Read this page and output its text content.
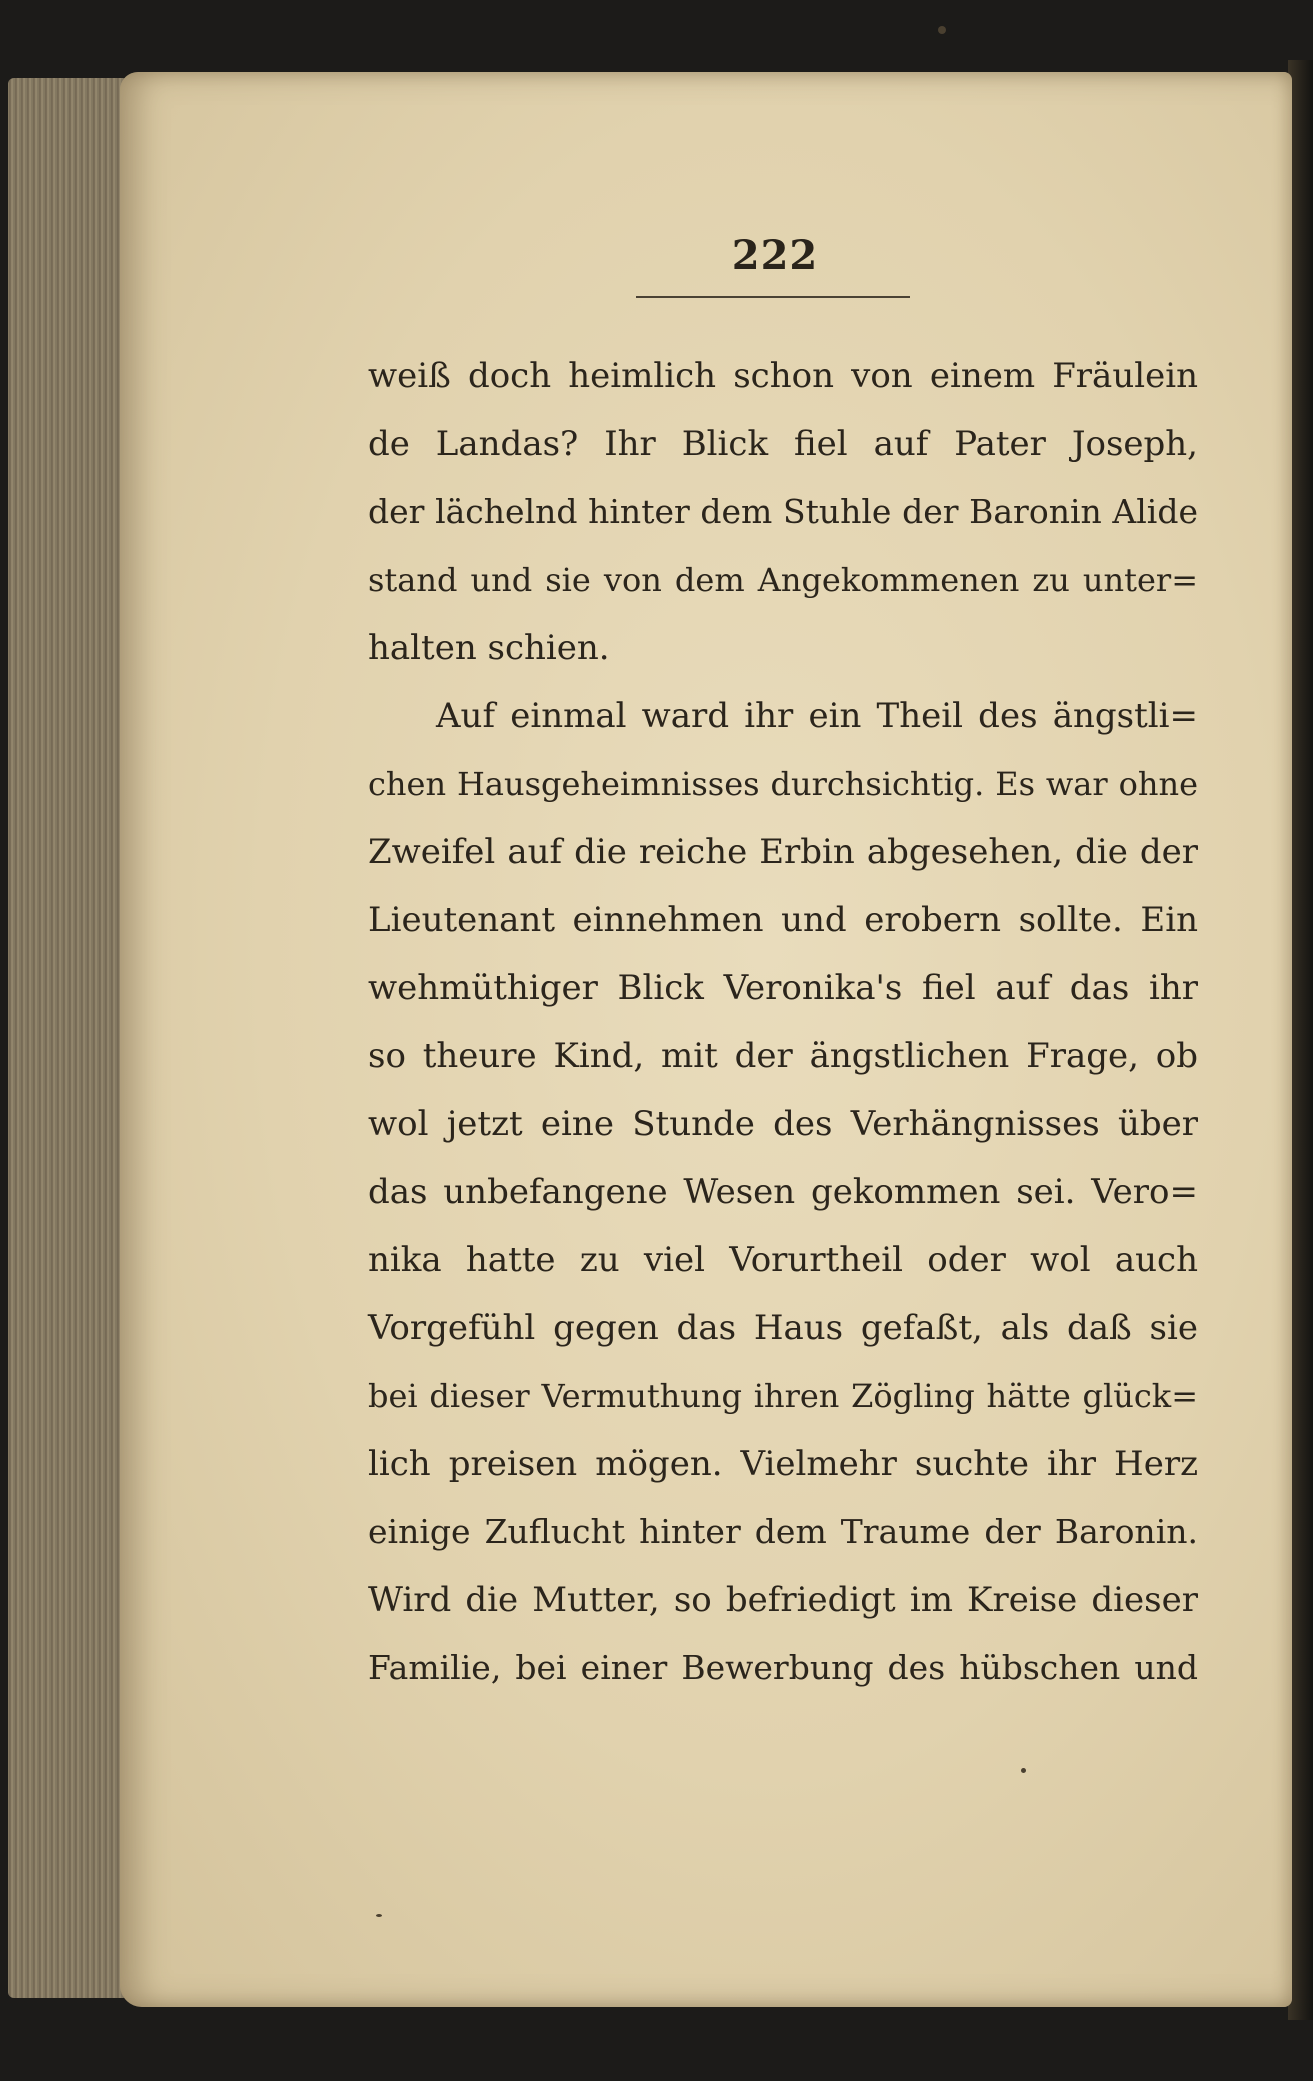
222
weiß doch heimlich schon von einem Fräulein
de Landas? Ihr Blick fiel auf Pater Joseph,
der lächelnd hinter dem Stuhle der Baronin Alide
stand und sie von dem Angekommenen zu unter=
halten schien.
Auf einmal ward ihr ein Theil des ängstli=
chen Hausgeheimnisses durchsichtig. Es war ohne
Zweifel auf die reiche Erbin abgesehen, die der
Lieutenant einnehmen und erobern sollte. Ein
wehmüthiger Blick Veronika's fiel auf das ihr
so theure Kind, mit der ängstlichen Frage, ob
wol jetzt eine Stunde des Verhängnisses über
das unbefangene Wesen gekommen sei. Vero=
nika hatte zu viel Vorurtheil oder wol auch
Vorgefühl gegen das Haus gefaßt, als daß sie
bei dieser Vermuthung ihren Zögling hätte glück=
lich preisen mögen. Vielmehr suchte ihr Herz
einige Zuflucht hinter dem Traume der Baronin.
Wird die Mutter, so befriedigt im Kreise dieser
Familie, bei einer Bewerbung des hübschen und
